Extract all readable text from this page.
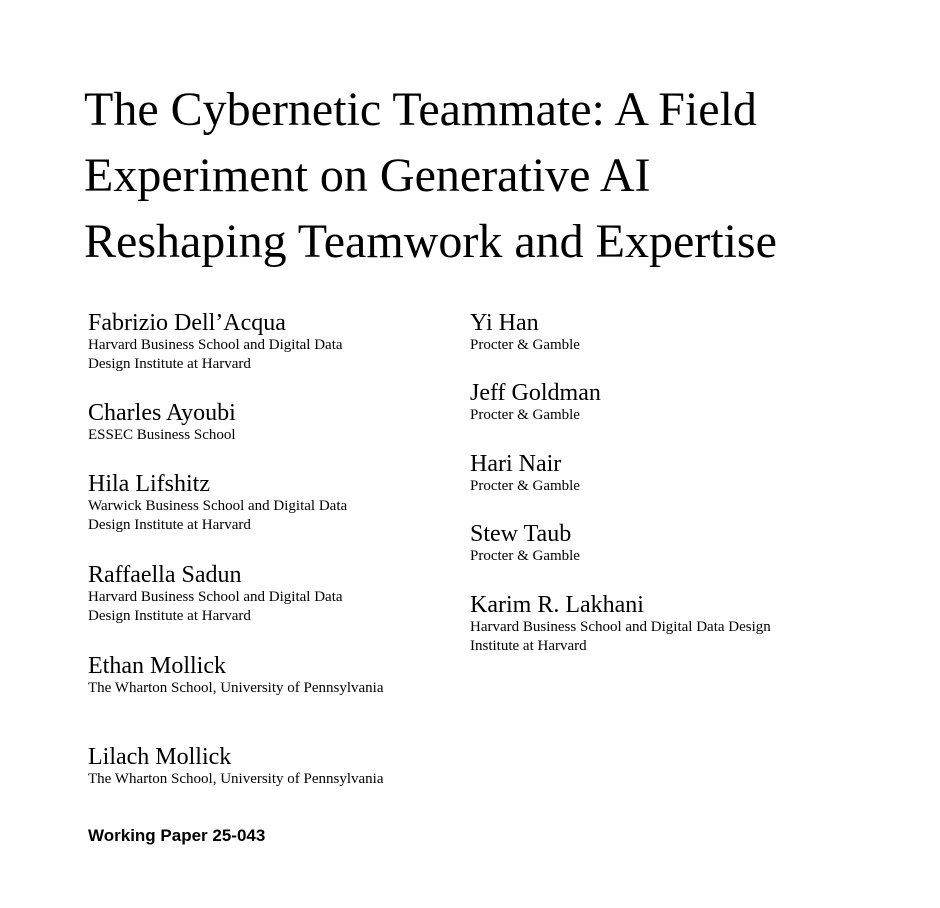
The Cybernetic Teammate: A Field
Experiment on Generative AI
Reshaping Teamwork and Expertise
Fabrizio Dell’Acqua
Harvard Business School and Digital Data Design Institute at Harvard
Charles Ayoubi
ESSEC Business School
Hila Lifshitz
Warwick Business School and Digital Data Design Institute at Harvard
Raffaella Sadun
Harvard Business School and Digital Data Design Institute at Harvard
Ethan Mollick
The Wharton School, University of Pennsylvania
Lilach Mollick
The Wharton School, University of Pennsylvania
Yi Han
Procter & Gamble
Jeff Goldman
Procter & Gamble
Hari Nair
Procter & Gamble
Stew Taub
Procter & Gamble
Karim R. Lakhani
Harvard Business School and Digital Data Design Institute at Harvard
Working Paper 25-043
